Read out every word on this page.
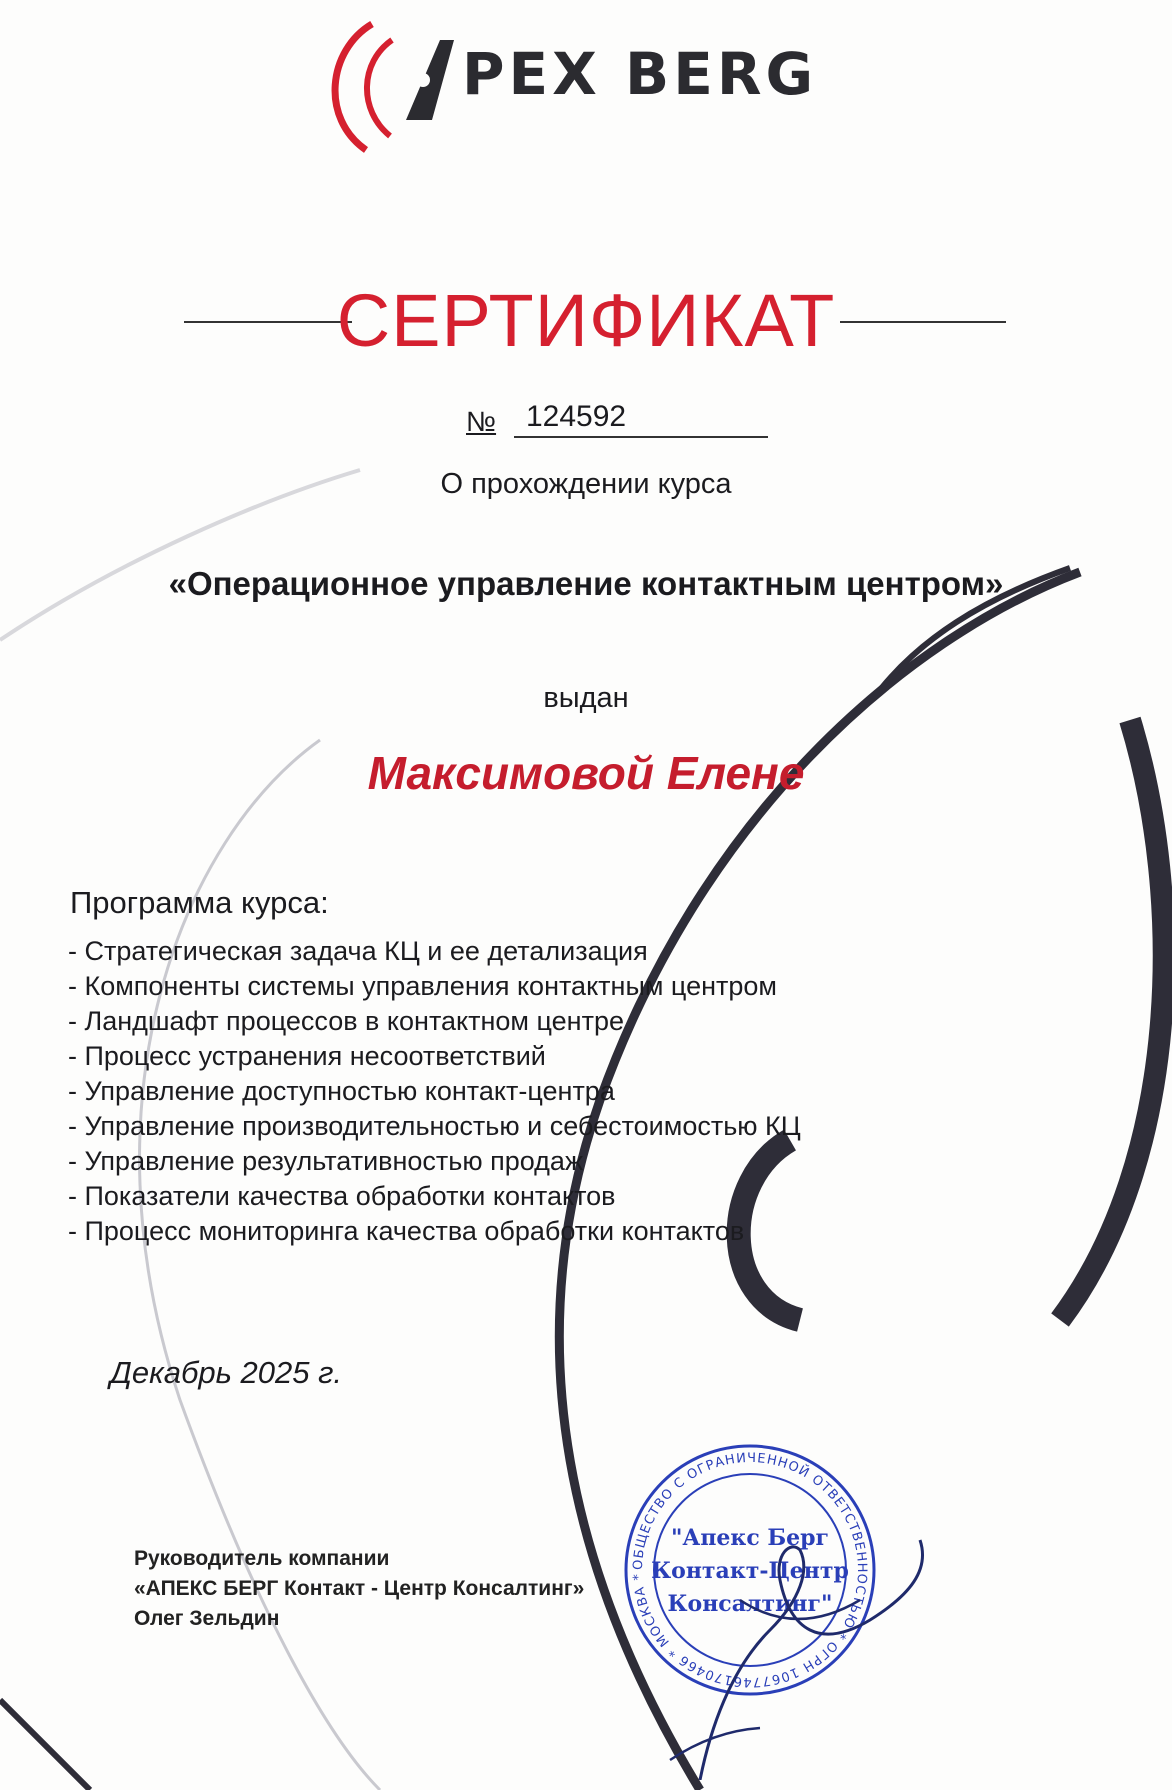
PEX BERG
СЕРТИФИКАТ
№ 124592
О прохождении курса
«Операционное управление контактным центром»
выдан
Максимовой Елене
Программа курса:
- Стратегическая задача КЦ и ее детализация
- Компоненты системы управления контактным центром
- Ландшафт процессов в контактном центре
- Процесс устранения несоответствий
- Управление доступностью контакт-центра
- Управление производительностью и себестоимостью КЦ
- Управление результативностью продаж
- Показатели качества обработки контактов
- Процесс мониторинга качества обработки контактов
Декабрь 2025 г.
Руководитель компании
«АПЕКС БЕРГ Контакт - Центр Консалтинг»
Олег Зельдин
ОБЩЕСТВО С ОГРАНИЧЕННОЙ ОТВЕТСТВЕННОСТЬЮ * ОГРН 1067746170466 * МОСКВА *
"Апекс Берг
Контакт-Центр
Консалтинг"
